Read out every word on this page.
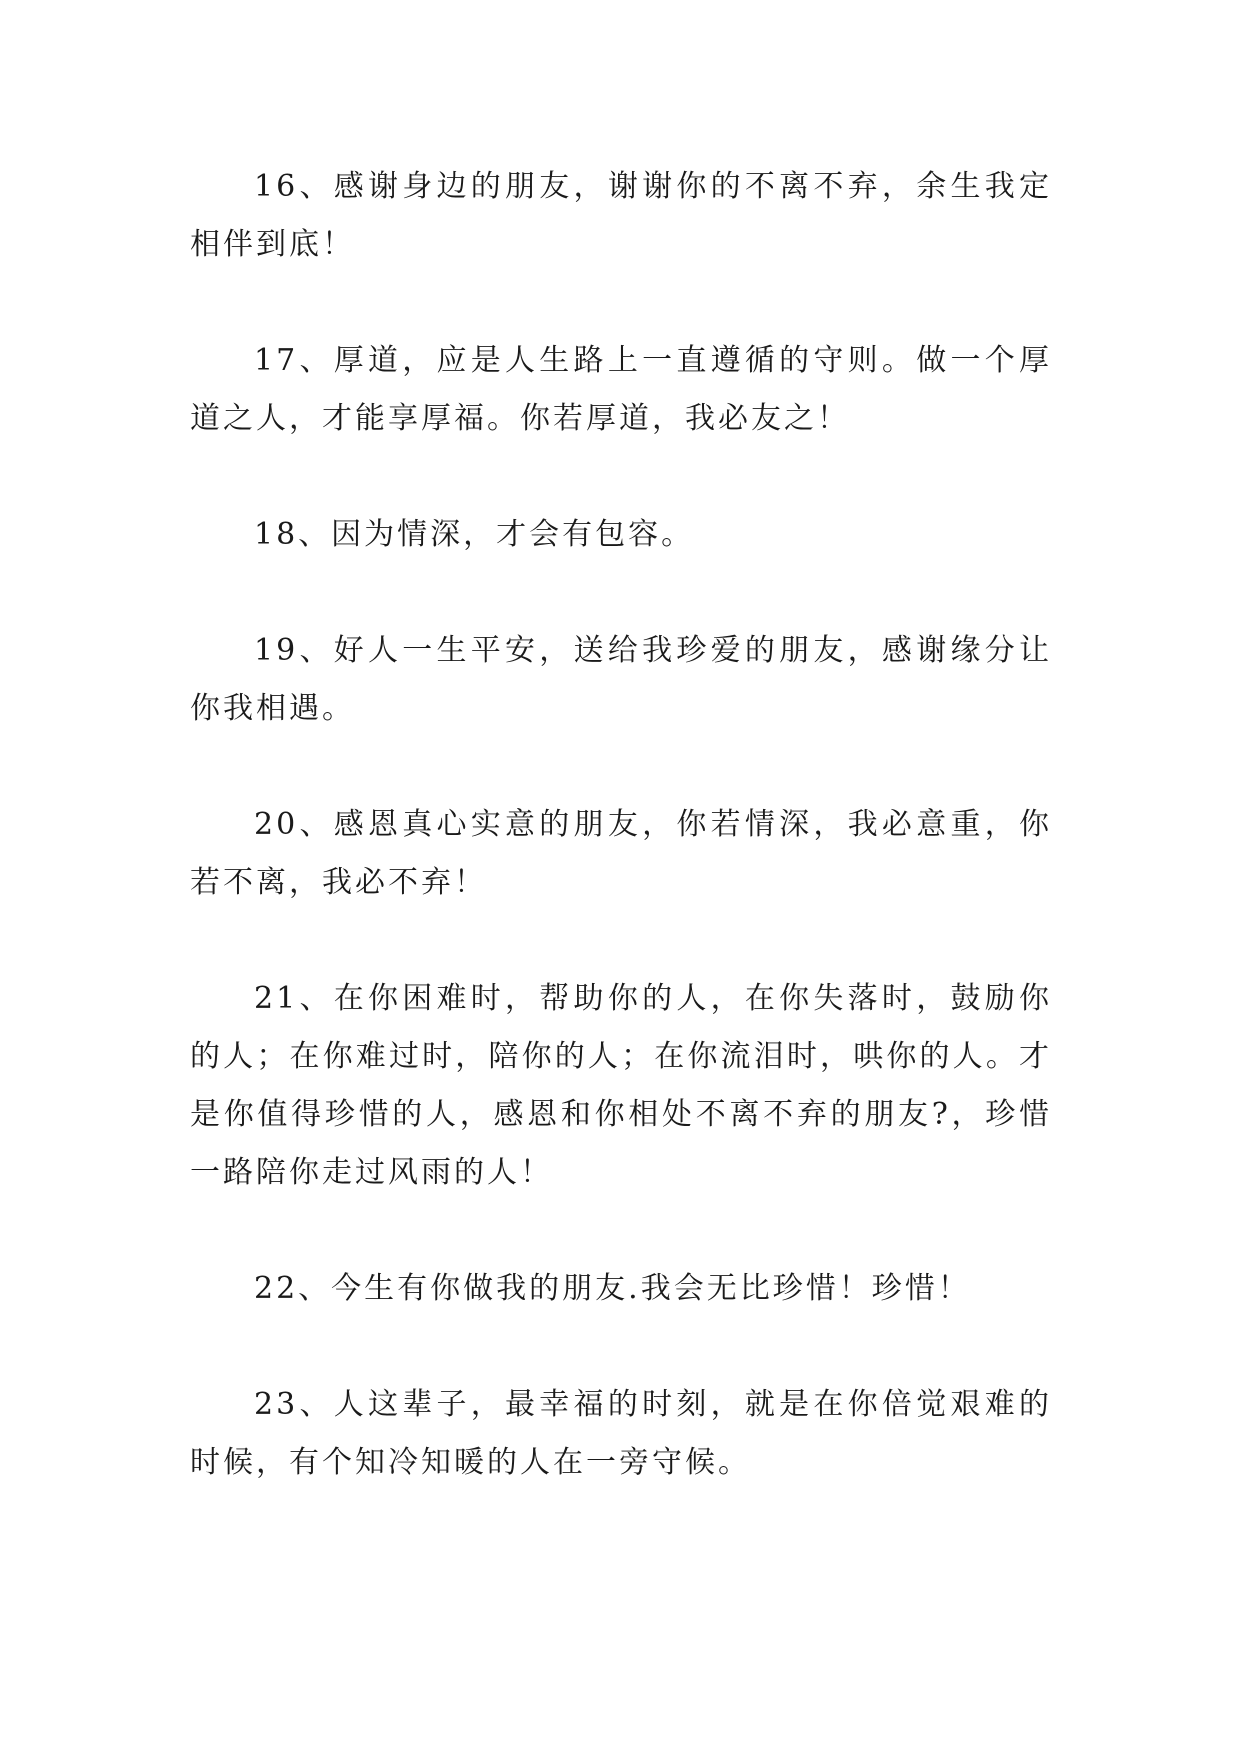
16、感谢身边的朋友，谢谢你的不离不弃，余生我定相伴到底！

17、厚道，应是人生路上一直遵循的守则。做一个厚道之人，才能享厚福。你若厚道，我必友之！

18、因为情深，才会有包容。

19、好人一生平安，送给我珍爱的朋友，感谢缘分让你我相遇。

20、感恩真心实意的朋友，你若情深，我必意重，你若不离，我必不弃！

21、在你困难时，帮助你的人，在你失落时，鼓励你的人；在你难过时，陪你的人；在你流泪时，哄你的人。才是你值得珍惜的人，感恩和你相处不离不弃的朋友?，珍惜一路陪你走过风雨的人！

22、今生有你做我的朋友.我会无比珍惜！珍惜！

23、人这辈子，最幸福的时刻，就是在你倍觉艰难的时候，有个知冷知暖的人在一旁守候。
